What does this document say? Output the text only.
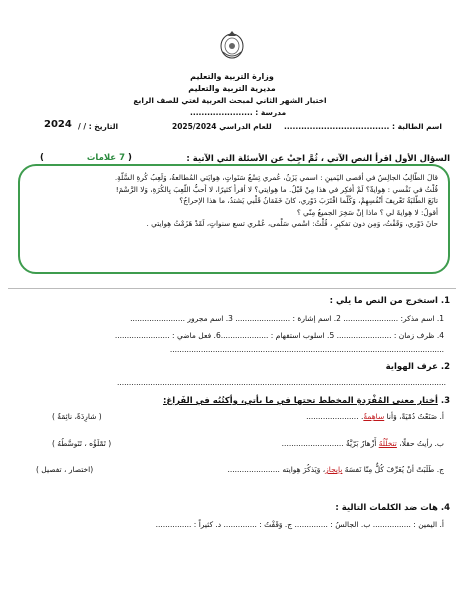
وزارة التربية والتعليم
مديرية التربية والتعليم
اختبار الشهر الثاني لمبحث العربية لغتي للصف الرابع
مدرسة : ......................
اسم الطالبة : .....................................
للعام الدراسي 2025/2024
التاريخ : / /
2024
السؤال الأول اقرأ النص الآتي ، ثُمَّ اجِبْ عن الأسئلة التي الآتية :
( 7 علامات )

قالَ الطّالِبُ الجالِسُ في أقصى اليَمينِ : اسمي يَزَنُ، عُمري تِسْعُ سَنَواتٍ، هِوايَتي المُطالعةُ، وَلَعِبُ كُرةِ السَّلَّةِ.

قُلْتُ في نَفْسي : هِوايةٌ؟ لَمْ أُفكِر في هذا مِنْ قَبْلُ. ما هِوايتي؟ لا أقرأُ كثيرًا، لا أُحبُّ اللَّعِبَ بِالكُرَةِ، وَلا الرَّسْمَ!

تابَعَ الطَّلبَةُ تَعْريفَ أنْفُسِهِمْ، وَكُلَّما اقْتَرَبَ دَوْري، كانَ خَفَقانُ قَلْبي يَشتدُ، ما هذا الإحراجُ؟

أقولُ: لا هِوايةَ لي ؟ ماذا إنْ سَخِرَ الجميعُ مِنّي ؟

حانَ دَوْري، وَقَفْتُ، وَمِن دون تفكيرٍ ، قُلْتُ: اسْمي سَلْمى، عُمْري تسع سنواتٍ، لَقَدْ هَزَمْتُ هِوايتي .

1. استخرج من النص ما يلي :
1. اسم مذكر: ....................... 2. اسم إشارة : ....................... 3. اسم مجرور .......................
4. ظرف زمان : ....................... 5. اسلوب استفهام : ....................6. فعل ماضي : .......................
...................................................................................................................
2. عرف الهواية
..........................................................................................................................................
3. أختار معنى المُفْرَدةِ المخطط تحتها في ما يأتي، وأكتُبُه في الفَراغ:
أ. صَنَعْتُ دُمْيَةً، وَأنا ساهِمةٌ. ......................
( شارِدَةٌ، نائِمَةٌ )
ب. رأيتُ حقلًا، تتخلّلُهُ أَزْهارٌ بَرّيَّةٌ ..........................
( تَمْلَؤُه ، تَتَوسَّطُهُ )
ج. طَلَبَتْ أنْ يُعَرِّفَ كُلٌّ مِنّا نَفسَهُ بإيجاز، وَيَذكُرَ هِوايته ......................
(اختصار ، تفصيل )
4. هات ضد الكلمات التالية :
أ. اليمين : ................ ب. الجالسُ : .............. ج. وَقَفْتُ : .............. د. كثيراً : ...............
